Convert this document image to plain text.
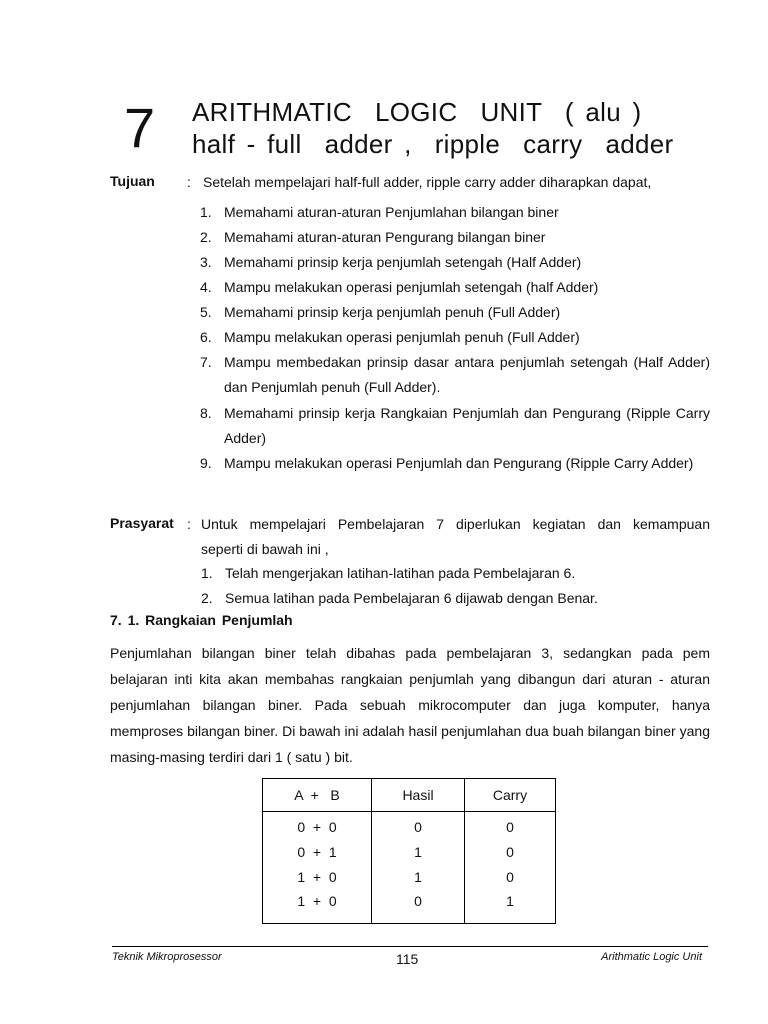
7 ARITHMATIC  LOGIC  UNIT  ( alu )
half - full  adder ,  ripple  carry  adder
Tujuan : Setelah mempelajari half-full adder, ripple carry adder diharapkan dapat,
1. Memahami aturan-aturan Penjumlahan bilangan biner
2. Memahami aturan-aturan Pengurang bilangan biner
3. Memahami prinsip kerja penjumlah setengah (Half Adder)
4. Mampu melakukan operasi penjumlah setengah (half Adder)
5. Memahami prinsip kerja penjumlah penuh (Full Adder)
6. Mampu melakukan operasi penjumlah penuh (Full Adder)
7. Mampu membedakan prinsip dasar antara penjumlah setengah (Half Adder) dan Penjumlah penuh (Full Adder).
8. Memahami prinsip kerja Rangkaian Penjumlah dan Pengurang (Ripple Carry Adder)
9. Mampu melakukan operasi Penjumlah dan Pengurang (Ripple Carry Adder)
Prasyarat : Untuk mempelajari Pembelajaran 7 diperlukan kegiatan dan kemampuan
seperti di bawah ini ,
1. Telah mengerjakan latihan-latihan pada Pembelajaran 6.
2. Semua latihan pada Pembelajaran 6 dijawab dengan Benar.
7. 1. Rangkaian Penjumlah
Penjumlahan bilangan biner telah dibahas pada pembelajaran 3, sedangkan pada pem belajaran inti kita akan membahas rangkaian penjumlah yang dibangun dari aturan - aturan penjumlahan bilangan biner. Pada sebuah mikrocomputer dan juga komputer, hanya memproses bilangan biner. Di bawah ini adalah hasil penjumlahan dua buah bilangan biner yang masing-masing terdiri dari 1 ( satu ) bit.
A  +   B	Hasil	Carry
0  +  0	0	0
0  +  1	1	0
1  +  0	1	0
1  +  0	0	1
Teknik Mikroprosessor	115	Arithmatic Logic Unit
